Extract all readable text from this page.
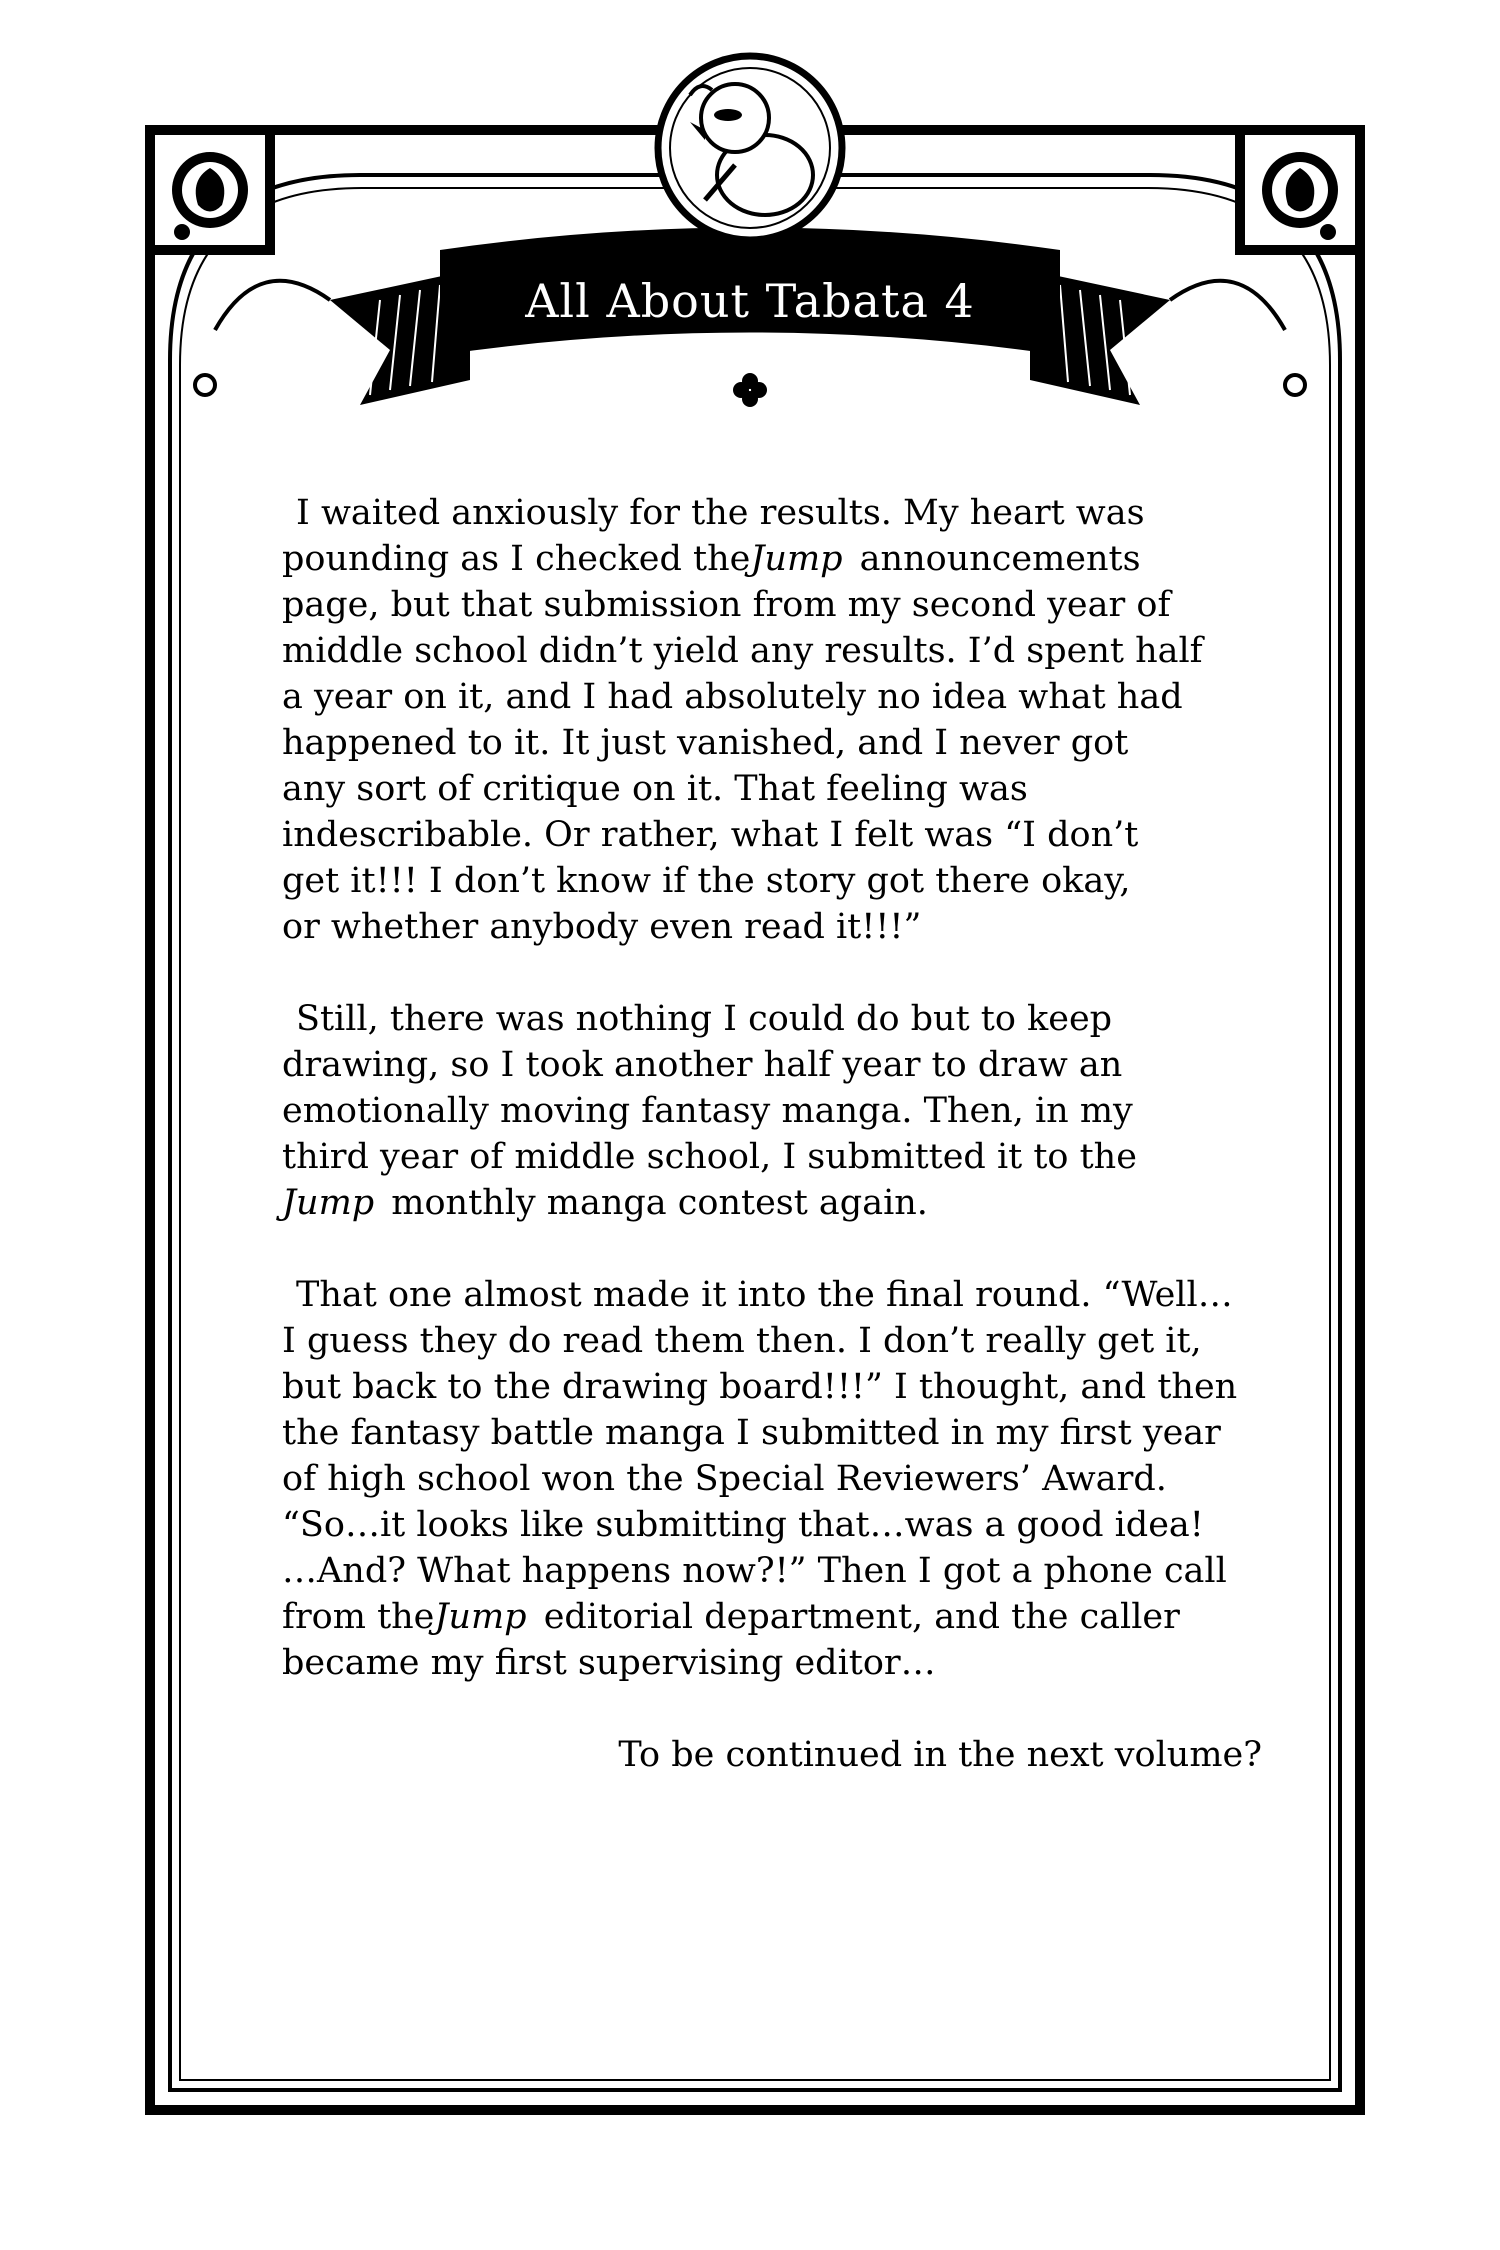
All About Tabata 4
I waited anxiously for the results. My heart was
pounding as I checked theJump announcements
page, but that submission from my second year of
middle school didn’t yield any results. I’d spent half
a year on it, and I had absolutely no idea what had
happened to it. It just vanished, and I never got
any sort of critique on it. That feeling was
indescribable. Or rather, what I felt was “I don’t
get it!!! I don’t know if the story got there okay,
or whether anybody even read it!!!”
Still, there was nothing I could do but to keep
drawing, so I took another half year to draw an
emotionally moving fantasy manga. Then, in my
third year of middle school, I submitted it to the
Jump monthly manga contest again.
That one almost made it into the final round. “Well…
I guess they do read them then. I don’t really get it,
but back to the drawing board!!!” I thought, and then
the fantasy battle manga I submitted in my first year
of high school won the Special Reviewers’ Award.
“So…it looks like submitting that…was a good idea!
…And? What happens now?!” Then I got a phone call
from theJump editorial department, and the caller
became my first supervising editor…
To be continued in the next volume?
